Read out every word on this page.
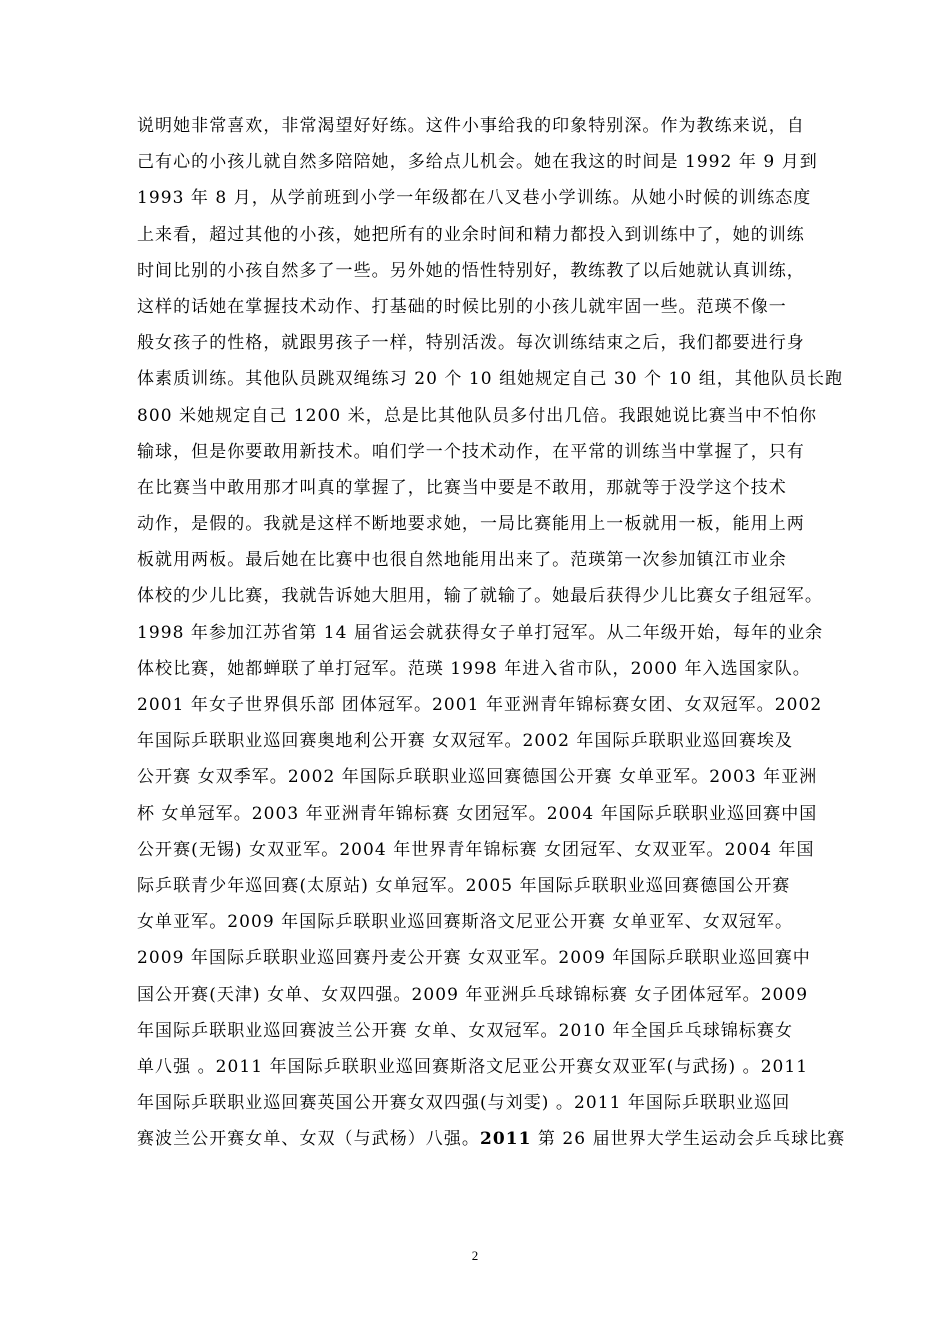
说明她非常喜欢，非常渴望好好练。这件小事给我的印象特别深。作为教练来说，自
己有心的小孩儿就自然多陪陪她，多给点儿机会。她在我这的时间是 1992 年 9 月到
1993 年 8 月，从学前班到小学一年级都在八叉巷小学训练。从她小时候的训练态度
上来看，超过其他的小孩，她把所有的业余时间和精力都投入到训练中了，她的训练
时间比别的小孩自然多了一些。另外她的悟性特别好，教练教了以后她就认真训练，
这样的话她在掌握技术动作、打基础的时候比别的小孩儿就牢固一些。范瑛不像一
般女孩子的性格，就跟男孩子一样，特别活泼。每次训练结束之后，我们都要进行身
体素质训练。其他队员跳双绳练习 20 个 10 组她规定自己 30 个 10 组，其他队员长跑
800 米她规定自己 1200 米，总是比其他队员多付出几倍。我跟她说比赛当中不怕你
输球，但是你要敢用新技术。咱们学一个技术动作，在平常的训练当中掌握了，只有
在比赛当中敢用那才叫真的掌握了，比赛当中要是不敢用，那就等于没学这个技术
动作，是假的。我就是这样不断地要求她，一局比赛能用上一板就用一板，能用上两
板就用两板。最后她在比赛中也很自然地能用出来了。范瑛第一次参加镇江市业余
体校的少儿比赛，我就告诉她大胆用，输了就输了。她最后获得少儿比赛女子组冠军。
1998 年参加江苏省第 14 届省运会就获得女子单打冠军。从二年级开始，每年的业余
体校比赛，她都蝉联了单打冠军。范瑛 1998 年进入省市队，2000 年入选国家队。
2001 年女子世界俱乐部 团体冠军。2001 年亚洲青年锦标赛女团、女双冠军。2002
年国际乒联职业巡回赛奥地利公开赛 女双冠军。2002 年国际乒联职业巡回赛埃及
公开赛 女双季军。2002 年国际乒联职业巡回赛德国公开赛 女单亚军。2003 年亚洲
杯 女单冠军。2003 年亚洲青年锦标赛 女团冠军。2004 年国际乒联职业巡回赛中国
公开赛(无锡) 女双亚军。2004 年世界青年锦标赛 女团冠军、女双亚军。2004 年国
际乒联青少年巡回赛(太原站) 女单冠军。2005 年国际乒联职业巡回赛德国公开赛
女单亚军。2009 年国际乒联职业巡回赛斯洛文尼亚公开赛 女单亚军、女双冠军。
2009 年国际乒联职业巡回赛丹麦公开赛 女双亚军。2009 年国际乒联职业巡回赛中
国公开赛(天津) 女单、女双四强。2009 年亚洲乒乓球锦标赛 女子团体冠军。2009
年国际乒联职业巡回赛波兰公开赛 女单、女双冠军。2010 年全国乒乓球锦标赛女
单八强 。2011 年国际乒联职业巡回赛斯洛文尼亚公开赛女双亚军(与武扬) 。2011
年国际乒联职业巡回赛英国公开赛女双四强(与刘雯) 。2011 年国际乒联职业巡回
赛波兰公开赛女单、女双（与武杨）八强。2011 第 26 届世界大学生运动会乒乓球比赛
2
